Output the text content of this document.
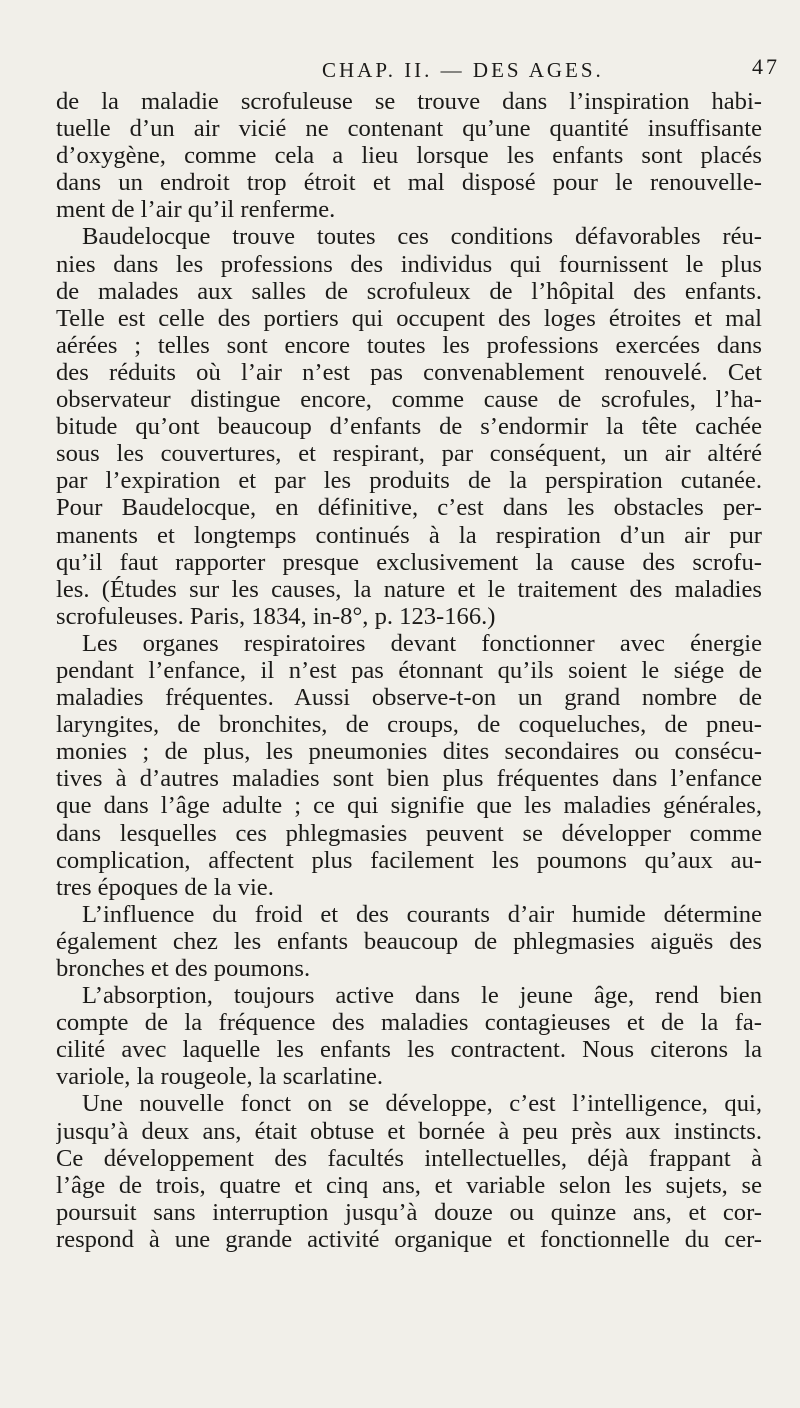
CHAP. II. — DES AGES.	47
de la maladie scrofuleuse se trouve dans l’inspiration habi-
tuelle d’un air vicié ne contenant qu’une quantité insuffisante
d’oxygène, comme cela a lieu lorsque les enfants sont placés
dans un endroit trop étroit et mal disposé pour le renouvelle-
ment de l’air qu’il renferme.
Baudelocque trouve toutes ces conditions défavorables réu-
nies dans les professions des individus qui fournissent le plus
de malades aux salles de scrofuleux de l’hôpital des enfants.
Telle est celle des portiers qui occupent des loges étroites et mal
aérées ; telles sont encore toutes les professions exercées dans
des réduits où l’air n’est pas convenablement renouvelé. Cet
observateur distingue encore, comme cause de scrofules, l’ha-
bitude qu’ont beaucoup d’enfants de s’endormir la tête cachée
sous les couvertures, et respirant, par conséquent, un air altéré
par l’expiration et par les produits de la perspiration cutanée.
Pour Baudelocque, en définitive, c’est dans les obstacles per-
manents et longtemps continués à la respiration d’un air pur
qu’il faut rapporter presque exclusivement la cause des scrofu-
les. (Études sur les causes, la nature et le traitement des maladies
scrofuleuses. Paris, 1834, in-8°, p. 123-166.)
Les organes respiratoires devant fonctionner avec énergie
pendant l’enfance, il n’est pas étonnant qu’ils soient le siége de
maladies fréquentes. Aussi observe-t-on un grand nombre de
laryngites, de bronchites, de croups, de coqueluches, de pneu-
monies ; de plus, les pneumonies dites secondaires ou consécu-
tives à d’autres maladies sont bien plus fréquentes dans l’enfance
que dans l’âge adulte ; ce qui signifie que les maladies générales,
dans lesquelles ces phlegmasies peuvent se développer comme
complication, affectent plus facilement les poumons qu’aux au-
tres époques de la vie.
L’influence du froid et des courants d’air humide détermine
également chez les enfants beaucoup de phlegmasies aiguës des
bronches et des poumons.
L’absorption, toujours active dans le jeune âge, rend bien
compte de la fréquence des maladies contagieuses et de la fa-
cilité avec laquelle les enfants les contractent. Nous citerons la
variole, la rougeole, la scarlatine.
Une nouvelle fonct on se développe, c’est l’intelligence, qui,
jusqu’à deux ans, était obtuse et bornée à peu près aux instincts.
Ce développement des facultés intellectuelles, déjà frappant à
l’âge de trois, quatre et cinq ans, et variable selon les sujets, se
poursuit sans interruption jusqu’à douze ou quinze ans, et cor-
respond à une grande activité organique et fonctionnelle du cer-
